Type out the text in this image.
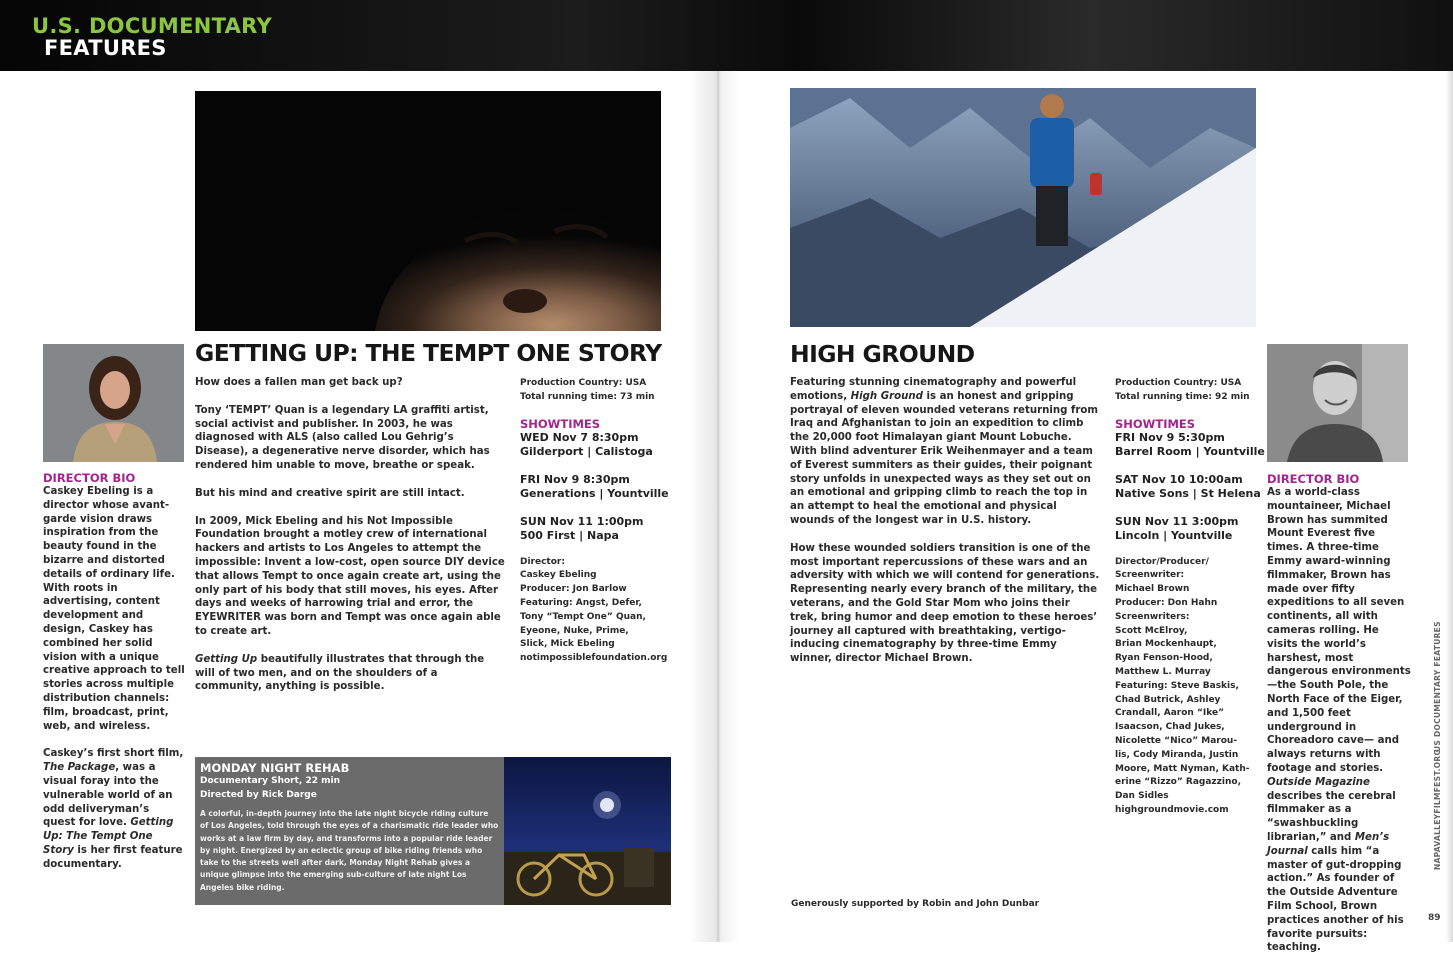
U.S. DOCUMENTARY
FEATURES
GETTING UP: THE TEMPT ONE STORY
How does a fallen man get back up?
Tony ‘TEMPT’ Quan is a legendary LA graffiti artist, social activist and publisher. In 2003, he was diagnosed with ALS (also called Lou Gehrig’s Disease), a degenerative nerve disorder, which has rendered him unable to move, breathe or speak.
But his mind and creative spirit are still intact.
In 2009, Mick Ebeling and his Not Impossible Foundation brought a motley crew of international hackers and artists to Los Angeles to attempt the impossible: Invent a low-cost, open source DIY device that allows Tempt to once again create art, using the only part of his body that still moves, his eyes. After days and weeks of harrowing trial and error, the EYEWRITER was born and Tempt was once again able to create art.
Getting Up beautifully illustrates that through the will of two men, and on the shoulders of a community, anything is possible.
Production Country: USA
Total running time: 73 min
SHOWTIMES
WED Nov 7 8:30pm
Gilderport | Calistoga
FRI Nov 9 8:30pm
Generations | Yountville
SUN Nov 11 1:00pm
500 First | Napa
Director:
Caskey Ebeling
Producer: Jon Barlow
Featuring: Angst, Defer,
Tony “Tempt One” Quan,
Eyeone, Nuke, Prime,
Slick, Mick Ebeling
notimpossiblefoundation.org
DIRECTOR BIO
Caskey Ebeling is a director whose avant-garde vision draws inspiration from the beauty found in the bizarre and distorted details of ordinary life. With roots in advertising, content development and design, Caskey has combined her solid vision with a unique creative approach to tell stories across multiple distribution channels: film, broadcast, print, web, and wireless.
Caskey’s first short film, The Package, was a visual foray into the vulnerable world of an odd deliveryman’s quest for love. Getting Up: The Tempt One Story is her first feature documentary.
MONDAY NIGHT REHAB
Documentary Short, 22 min
Directed by Rick Darge
A colorful, in-depth journey into the late night bicycle riding culture of Los Angeles, told through the eyes of a charismatic ride leader who works at a law firm by day, and transforms into a popular ride leader by night. Energized by an eclectic group of bike riding friends who take to the streets well after dark, Monday Night Rehab gives a unique glimpse into the emerging sub-culture of late night Los Angeles bike riding.
HIGH GROUND
Featuring stunning cinematography and powerful emotions, High Ground is an honest and gripping portrayal of eleven wounded veterans returning from Iraq and Afghanistan to join an expedition to climb the 20,000 foot Himalayan giant Mount Lobuche. With blind adventurer Erik Weihenmayer and a team of Everest summiters as their guides, their poignant story unfolds in unexpected ways as they set out on an emotional and gripping climb to reach the top in an attempt to heal the emotional and physical wounds of the longest war in U.S. history.
How these wounded soldiers transition is one of the most important repercussions of these wars and an adversity with which we will contend for generations. Representing nearly every branch of the military, the veterans, and the Gold Star Mom who joins their trek, bring humor and deep emotion to these heroes’ journey all captured with breathtaking, vertigo-inducing cinematography by three-time Emmy winner, director Michael Brown.
Production Country: USA
Total running time: 92 min
SHOWTIMES
FRI Nov 9 5:30pm
Barrel Room | Yountville
SAT Nov 10 10:00am
Native Sons | St Helena
SUN Nov 11 3:00pm
Lincoln | Yountville
Director/Producer/
Screenwriter:
Michael Brown
Producer: Don Hahn
Screenwriters:
Scott McElroy,
Brian Mockenhaupt,
Ryan Fenson-Hood,
Matthew L. Murray
Featuring: Steve Baskis,
Chad Butrick, Ashley
Crandall, Aaron “Ike”
Isaacson, Chad Jukes,
Nicolette “Nico” Marou-
lis, Cody Miranda, Justin
Moore, Matt Nyman, Kath-
erine “Rizzo” Ragazzino,
Dan Sidles
highgroundmovie.com
DIRECTOR BIO
As a world-class mountaineer, Michael Brown has summited Mount Everest five times. A three-time Emmy award-winning filmmaker, Brown has made over fifty expeditions to all seven continents, all with cameras rolling. He visits the world’s harshest, most dangerous environments—the South Pole, the North Face of the Eiger, and 1,500 feet underground in Choreadoro cave— and always returns with footage and stories. Outside Magazine describes the cerebral filmmaker as a “swashbuckling librarian,” and Men’s Journal calls him “a master of gut-dropping action.” As founder of the Outside Adventure Film School, Brown practices another of his favorite pursuits: teaching.
Generously supported by Robin and John Dunbar
US DOCUMENTARY FEATURES
NAPAVALLEYFILMFEST.ORG
89
